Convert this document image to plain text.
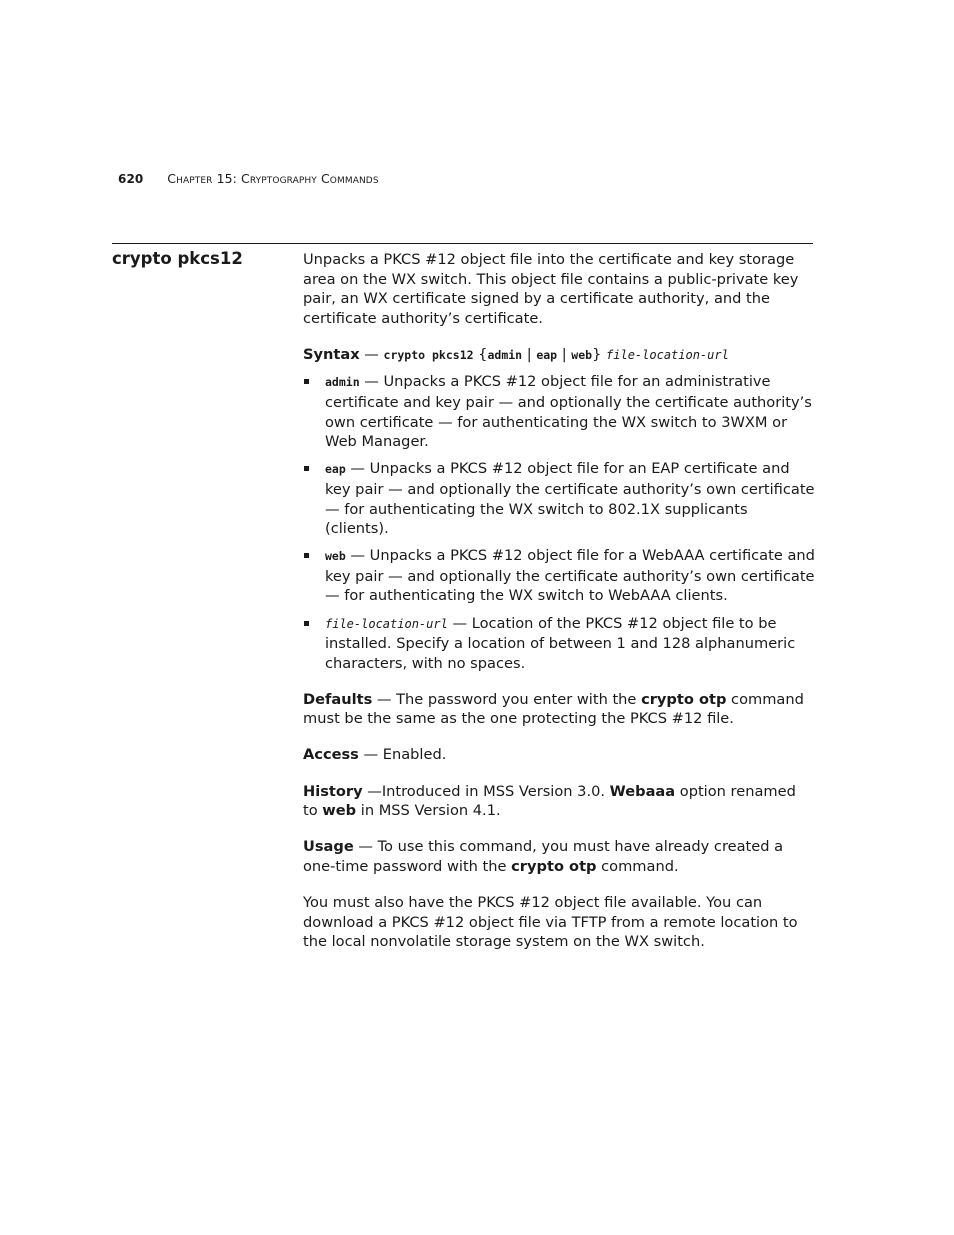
620 Chapter 15: Cryptography Commands
crypto pkcs12	Unpacks a PKCS #12 object file into the certificate and key storage area on the WX switch. This object file contains a public-private key pair, an WX certificate signed by a certificate authority, and the certificate authority’s certificate.

Syntax — crypto pkcs12 {admin | eap | web} file-location-url

admin — Unpacks a PKCS #12 object file for an administrative certificate and key pair — and optionally the certificate authority’s own certificate — for authenticating the WX switch to 3WXM or Web Manager.
eap — Unpacks a PKCS #12 object file for an EAP certificate and key pair — and optionally the certificate authority’s own certificate — for authenticating the WX switch to 802.1X supplicants (clients).
web — Unpacks a PKCS #12 object file for a WebAAA certificate and key pair — and optionally the certificate authority’s own certificate — for authenticating the WX switch to WebAAA clients.
file-location-url — Location of the PKCS #12 object file to be installed. Specify a location of between 1 and 128 alphanumeric characters, with no spaces.

Defaults — The password you enter with the crypto otp command must be the same as the one protecting the PKCS #12 file.

Access — Enabled.

History —Introduced in MSS Version 3.0. Webaaa option renamed to web in MSS Version 4.1.

Usage — To use this command, you must have already created a one-time password with the crypto otp command.

You must also have the PKCS #12 object file available. You can download a PKCS #12 object file via TFTP from a remote location to the local nonvolatile storage system on the WX switch.
